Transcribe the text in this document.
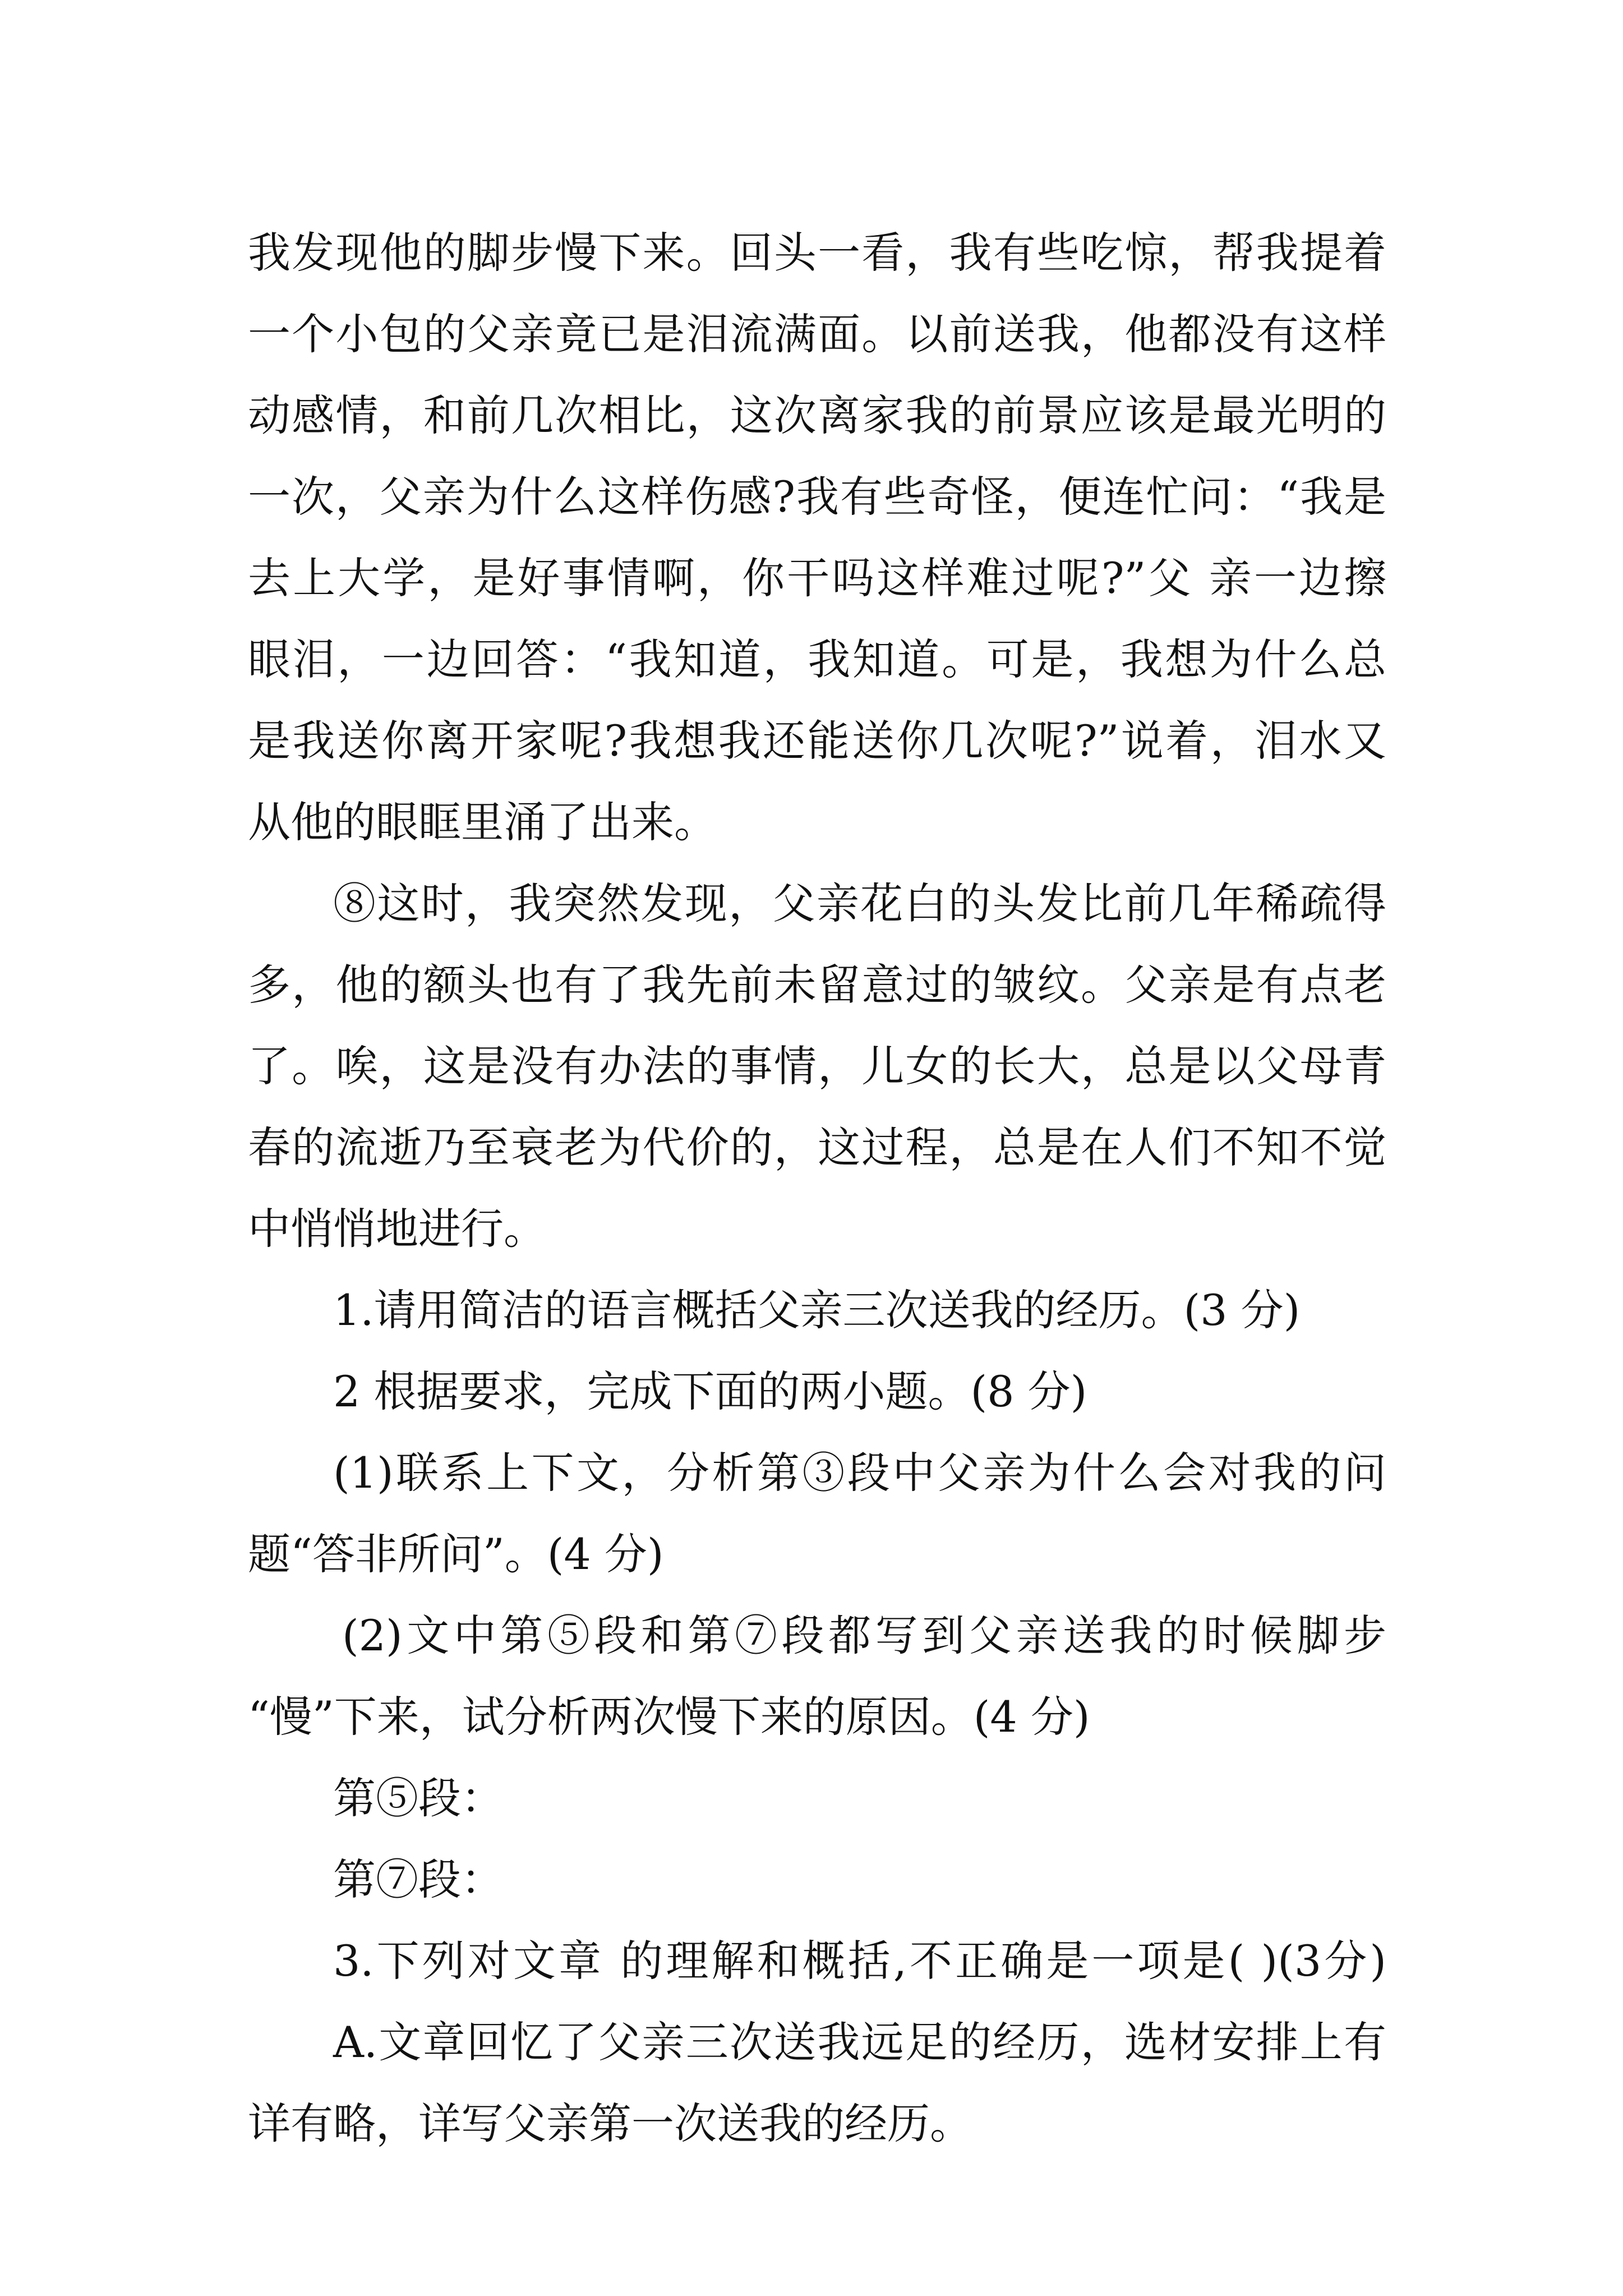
我发现他的脚步慢下来。回头一看，我有些吃惊，帮我提着
一个小包的父亲竟已是泪流满面。以前送我，他都没有这样
动感情，和前几次相比，这次离家我的前景应该是最光明的
一次，父亲为什么这样伤感?我有些奇怪，便连忙问：“我是
去上大学，是好事情啊，你干吗这样难过呢?”父 亲一边擦
眼泪，一边回答：“我知道，我知道。可是，我想为什么总
是我送你离开家呢?我想我还能送你几次呢?”说着，泪水又
从他的眼眶里涌了出来。
⑧这时，我突然发现，父亲花白的头发比前几年稀疏得
多，他的额头也有了我先前未留意过的皱纹。父亲是有点老
了。唉，这是没有办法的事情，儿女的长大，总是以父母青
春的流逝乃至衰老为代价的，这过程，总是在人们不知不觉
中悄悄地进行。
1.请用简洁的语言概括父亲三次送我的经历。(3 分)
2 根据要求，完成下面的两小题。(8 分)
(1)联系上下文，分析第③段中父亲为什么会对我的问
题“答非所问”。(4 分)
(2)文中第⑤段和第⑦段都写到父亲送我的时候脚步
“慢”下来，试分析两次慢下来的原因。(4 分)
第⑤段：
第⑦段：
3.下列对文章 的理解和概括,不正确是一项是( )(3分)
A.文章回忆了父亲三次送我远足的经历，选材安排上有
详有略，详写父亲第一次送我的经历。
